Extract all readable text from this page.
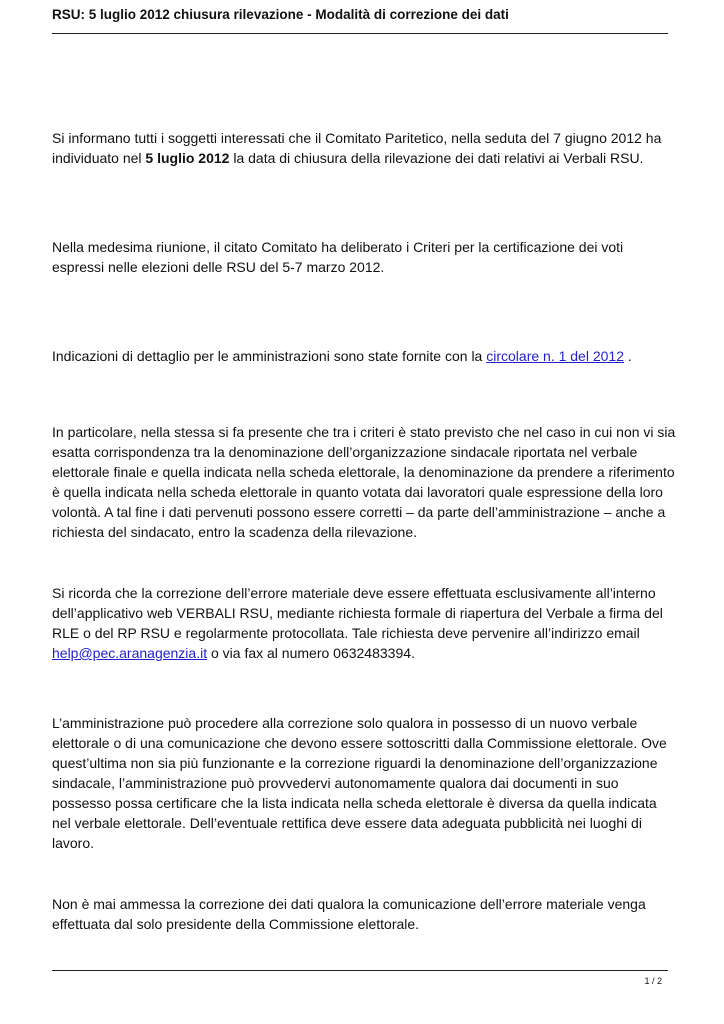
RSU: 5 luglio 2012 chiusura rilevazione - Modalità di correzione dei dati

Si informano tutti i soggetti interessati che il Comitato Paritetico, nella seduta del 7 giugno 2012 ha individuato nel 5 luglio 2012 la data di chiusura della rilevazione dei dati relativi ai Verbali RSU.

Nella medesima riunione, il citato Comitato ha deliberato i Criteri per la certificazione dei voti espressi nelle elezioni delle RSU del 5-7 marzo 2012.

Indicazioni di dettaglio per le amministrazioni sono state fornite con la circolare n. 1 del 2012 .

In particolare, nella stessa si fa presente che tra i criteri è stato previsto che nel caso in cui non vi sia esatta corrispondenza tra la denominazione dell’organizzazione sindacale riportata nel verbale elettorale finale e quella indicata nella scheda elettorale, la denominazione da prendere a riferimento è quella indicata nella scheda elettorale in quanto votata dai lavoratori quale espressione della loro volontà. A tal fine i dati pervenuti possono essere corretti – da parte dell’amministrazione – anche a richiesta del sindacato, entro la scadenza della rilevazione.

Si ricorda che la correzione dell’errore materiale deve essere effettuata esclusivamente all’interno dell’applicativo web VERBALI RSU, mediante richiesta formale di riapertura del Verbale a firma del RLE o del RP RSU e regolarmente protocollata. Tale richiesta deve pervenire all’indirizzo email help@pec.aranagenzia.it o via fax al numero 0632483394.

L’amministrazione può procedere alla correzione solo qualora in possesso di un nuovo verbale elettorale o di una comunicazione che devono essere sottoscritti dalla Commissione elettorale. Ove quest’ultima non sia più funzionante e la correzione riguardi la denominazione dell’organizzazione sindacale, l’amministrazione può provvedervi autonomamente qualora dai documenti in suo possesso possa certificare che la lista indicata nella scheda elettorale è diversa da quella indicata nel verbale elettorale. Dell’eventuale rettifica deve essere data adeguata pubblicità nei luoghi di lavoro.

Non è mai ammessa la correzione dei dati qualora la comunicazione dell’errore materiale venga effettuata dal solo presidente della Commissione elettorale.

1 / 2
